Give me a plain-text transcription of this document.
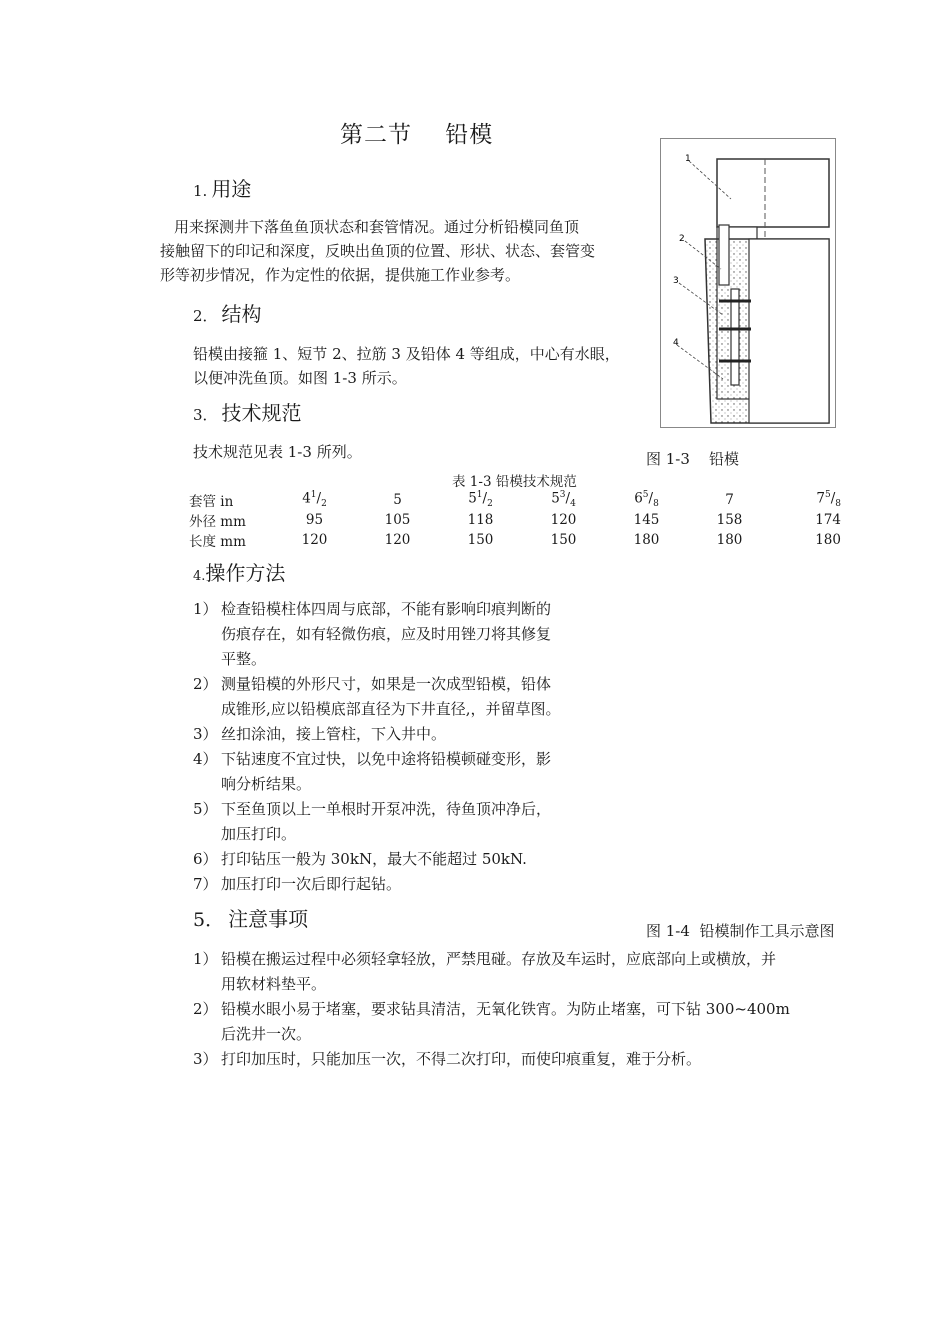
第二节    铅模
1. 用途
用来探测井下落鱼鱼顶状态和套管情况。通过分析铅模同鱼顶
接触留下的印记和深度，反映出鱼顶的位置、形状、状态、套管变
形等初步情况，作为定性的依据，提供施工作业参考。
2． 结构
铅模由接箍 1、短节 2、拉筋 3 及铅体 4 等组成，中心有水眼，
以便冲洗鱼顶。如图 1-3 所示。
3． 技术规范
技术规范见表 1-3 所列。
1
2
3
4
图 1-3    铅模
表 1-3 铅模技术规范
套管 in	$4^1/_2$	5	$5^1/_2$	$5^3/_4$	$6^5/_8$	7	$7^5/_8$
外径 mm	95	105	118	120	145	158	174
长度 mm	120	120	150	150	180	180	180
4.操作方法
1） 检查铅模柱体四周与底部，不能有影响印痕判断的
伤痕存在，如有轻微伤痕，应及时用锉刀将其修复
平整。
2） 测量铅模的外形尺寸，如果是一次成型铅模，铅体
成锥形,应以铅模底部直径为下井直径,，并留草图。
3） 丝扣涂油，接上管柱，下入井中。
4） 下钻速度不宜过快，以免中途将铅模顿碰变形，影
响分析结果。
5） 下至鱼顶以上一单根时开泵冲洗，待鱼顶冲净后，
加压打印。
6） 打印钻压一般为 30kN，最大不能超过 50kN.
7） 加压打印一次后即行起钻。
图 1-4  铅模制作工具示意图
5． 注意事项
1） 铅模在搬运过程中必须轻拿轻放，严禁甩碰。存放及车运时，应底部向上或横放，并
用软材料垫平。
2） 铅模水眼小易于堵塞，要求钻具清洁，无氧化铁宵。为防止堵塞，可下钻 300~400m
后洗井一次。
3） 打印加压时，只能加压一次，不得二次打印，而使印痕重复，难于分析。
